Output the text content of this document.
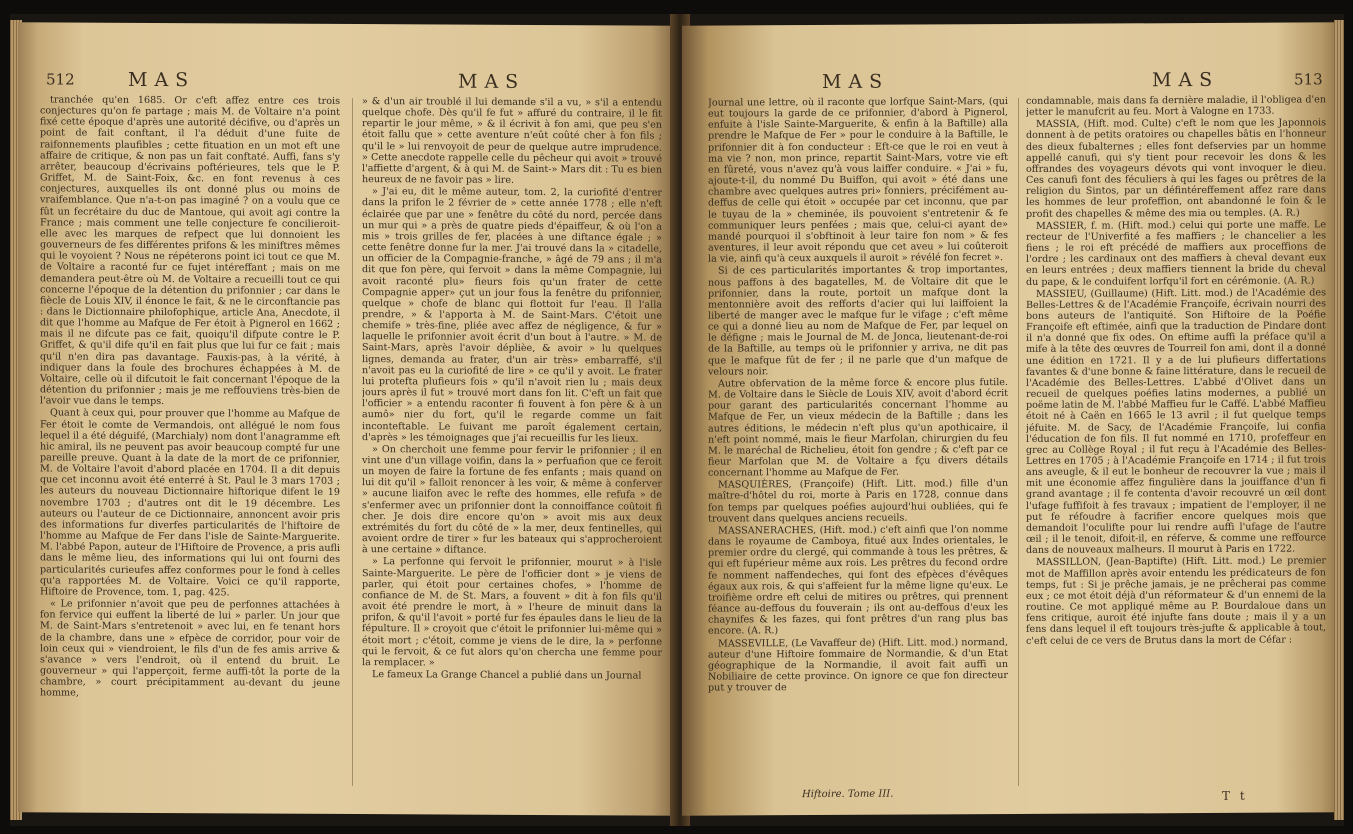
512	MAS	MAS

tranchée qu'en 1685. Or c'eft affez entre ces trois conjectures qu'on fe partage ; mais M. de Voltaire n'a point fixé cette époque d'après une autorité décifive, ou d'après un point de fait conftant, il l'a déduit d'une fuite de raifonnements plaufibles ; cette fituation en un mot eft une affaire de critique, & non pas un fait conftaté. Auffi, fans s'y arrêter, beaucoup d'écrivains poftérieures, tels que le P. Griffet, M. de Saint-Foix, &c. en font revenus à ces conjectures, auxquelles ils ont donné plus ou moins de vraifemblance. Que n'a-t-on pas imaginé ? on a voulu que ce fût un fecrétaire du duc de Mantoue, qui avoit agi contre la France ; mais comment une telle conjecture fe concilieroit-elle avec les marques de refpect que lui donnoient les gouverneurs de fes différentes prifons & les miniftres mêmes qui le voyoient ? Nous ne répéterons point ici tout ce que M. de Voltaire a raconté fur ce fujet intéreffant ; mais on me demandera peut-être où M. de Voltaire a recueilli tout ce qui concerne l'époque de la détention du prifonnier ; car dans le fiècle de Louis XIV, il énonce le fait, & ne le circonftancie pas : dans le Dictionnaire philofophique, article Ana, Anecdote, il dit que l'homme au Mafque de Fer étoit à Pignerol en 1662 ; mais il ne difcute pas ce fait, quoiqu'il difpute contre le P. Griffet, & qu'il dife qu'il en fait plus que lui fur ce fait ; mais qu'il n'en dira pas davantage. Fauxis-pas, à la vérité, à indiquer dans la foule des brochures échappées à M. de Voltaire, celle où il difcutoit le fait concernant l'époque de la détention du prifonnier ; mais je me reffouviens très-bien de l'avoir vue dans le temps.

Quant à ceux qui, pour prouver que l'homme au Mafque de Fer étoit le comte de Vermandois, ont allégué le nom fous lequel il a été déguifé, (Marchialy) nom dont l'anagramme eft hic amiral, ils ne peuvent pas avoir beaucoup compté fur une pareille preuve. Quant à la date de la mort de ce prifonnier, M. de Voltaire l'avoit d'abord placée en 1704. Il a dit depuis que cet inconnu avoit été enterré à St. Paul le 3 mars 1703 ; les auteurs du nouveau Dictionnaire hiftorique difent le 19 novembre 1703 ; d'autres ont dit le 19 décembre. Les auteurs ou l'auteur de ce Dictionnaire, annoncent avoir pris des informations fur diverfes particularités de l'hiftoire de l'homme au Mafque de Fer dans l'isle de Sainte-Marguerite. M. l'abbé Papon, auteur de l'Hiftoire de Provence, a pris aufli dans le même lieu, des informations qui lui ont fourni des particularités curieufes affez conformes pour le fond à celles qu'a rapportées M. de Voltaire. Voici ce qu'il rapporte, Hiftoire de Provence, tom. 1, pag. 425.

« Le prifonnier n'avoit que peu de perfonnes attachées à fon fervice qui euffent la liberté de lui » parler. Un jour que M. de Saint-Mars s'entretenoit » avec lui, en fe tenant hors de la chambre, dans une » efpèce de corridor, pour voir de loin ceux qui » viendroient, le fils d'un de fes amis arrive & s'avance » vers l'endroit, où il entend du bruit. Le gouverneur » qui l'apperçoit, ferme auffi-tôt la porte de la chambre, » court précipitamment au-devant du jeune homme,

» & d'un air troublé il lui demande s'il a vu, » s'il a entendu quelque chofe. Dès qu'il fe fut » affuré du contraire, il le fit repartir le jour même, » & il écrivit à fon ami, que peu s'en étoit fallu que » cette aventure n'eût coûté cher à fon fils ; qu'il le » lui renvoyoit de peur de quelque autre imprudence. » Cette anecdote rappelle celle du pêcheur qui avoit » trouvé l'affiette d'argent, & à qui M. de Saint-» Mars dit : Tu es bien heureux de ne favoir pas » lire.

» J'ai eu, dit le même auteur, tom. 2, la curiofité d'entrer dans la prifon le 2 février de » cette année 1778 ; elle n'eft éclairée que par une » fenêtre du côté du nord, percée dans un mur qui » a près de quatre pieds d'épaiffeur, & où l'on a mis » trois grilles de fer, placées à une diftance égale ; » cette fenêtre donne fur la mer. J'ai trouvé dans la » citadelle, un officier de la Compagnie-franche, » âgé de 79 ans ; il m'a dit que fon père, qui fervoit » dans la même Compagnie, lui avoit raconté plu» fieurs fois qu'un frater de cette Compagnie apper» çut un jour fous la fenêtre du prifonnier, quelque » chofe de blanc qui flottoit fur l'eau. Il l'alla prendre, » & l'apporta à M. de Saint-Mars. C'étoit une chemife » très-fine, pliée avec affez de négligence, & fur » laquelle le prifonnier avoit écrit d'un bout à l'autre. » M. de Saint-Mars, après l'avoir déplièe, & avoir » lu quelques lignes, demanda au frater, d'un air très» embarraffé, s'il n'avoit pas eu la curiofité de lire » ce qu'il y avoit. Le frater lui protefta plufieurs fois » qu'il n'avoit rien lu ; mais deux jours après il fut » trouvé mort dans fon lit. C'eft un fait que l'officier » a entendu raconter fi fouvent à fon père & à un aumô» nier du fort, qu'il le regarde comme un fait inconteftable. Le fuivant me paroît également certain, d'après » les témoignages que j'ai recueillis fur les lieux.

» On cherchoit une femme pour fervir le prifonnier ; il en vint une d'un village voifin, dans la » perfuafion que ce feroit un moyen de faire la fortune de fes enfants ; mais quand on lui dit qu'il » falloit renoncer à les voir, & même à conferver » aucune liaifon avec le refte des hommes, elle refufa » de s'enfermer avec un prifonnier dont la connoiffance coûtoit fi cher. Je dois dire encore qu'on » avoit mis aux deux extrémités du fort du côté de » la mer, deux fentinelles, qui avoient ordre de tirer » fur les bateaux qui s'approcheroient à une certaine » diftance.

» La perfonne qui fervoit le prifonnier, mourut » à l'isle Sainte-Marguerite. Le père de l'officier dont » je viens de parler, qui étoit pour certaines chofes, » l'homme de confiance de M. de St. Mars, a fouvent » dit à fon fils qu'il avoit été prendre le mort, à » l'heure de minuit dans la prifon, & qu'il l'avoit » porté fur fes épaules dans le lieu de la fépulture. Il » croyoit que c'étoit le prifonnier lui-même qui » étoit mort ; c'étoit, comme je viens de le dire, la » perfonne qui le fervoit, & ce fut alors qu'on chercha une femme pour la remplacer. »

Le fameux La Grange Chancel a publié dans un Journal

MAS	MAS	513

Journal une lettre, où il raconte que lorfque Saint-Mars, (qui eut toujours la garde de ce prifonnier, d'abord à Pignerol, enfuite à l'isle Sainte-Marguerite, & enfin à la Baftille) alla prendre le Mafque de Fer » pour le conduire à la Baftille, le prifonnier dit à fon conducteur : Eft-ce que le roi en veut à ma vie ? non, mon prince, repartit Saint-Mars, votre vie eft en fûreté, vous n'avez qu'à vous laiffer conduire. « J'ai » fu, ajoute-t-il, du nommé Du Buiffon, qui avoit » été dans une chambre avec quelques autres pri» fonniers, précifément au-deffus de celle qui étoit » occupée par cet inconnu, que par le tuyau de la » cheminée, ils pouvoient s'entretenir & fe communiquer leurs penfées ; mais que, celui-ci ayant de» mandé pourquoi il s'obftinoit à leur taire fon nom » & fes aventures, il leur avoit répondu que cet aveu » lui coûteroit la vie, ainfi qu'à ceux auxquels il auroit » révélé fon fecret ».

Si de ces particularités importantes & trop importantes, nous paffons à des bagatelles, M. de Voltaire dit que le prifonnier, dans la route, portoit un mafque dont la mentonnière avoit des refforts d'acier qui lui laiffoient la liberté de manger avec le mafque fur le vifage ; c'eft même ce qui a donné lieu au nom de Mafque de Fer, par lequel on le défigne ; mais le Journal de M. de Jonca, lieutenant-de-roi de la Baftille, au temps où le prifonnier y arriva, ne dit pas que le mafque fût de fer ; il ne parle que d'un mafque de velours noir.

Autre obfervation de la même force & encore plus futile. M. de Voltaire dans le Siècle de Louis XIV, avoit d'abord écrit pour garant des particularités concernant l'homme au Mafque de Fer, un vieux médecin de la Baftille ; dans les autres éditions, le médecin n'eft plus qu'un apothicaire, il n'eft point nommé, mais le fieur Marfolan, chirurgien du feu M. le maréchal de Richelieu, étoit fon gendre ; & c'eft par ce fieur Marfolan que M. de Voltaire a fçu divers détails concernant l'homme au Mafque de Fer.

MASQUIÈRES, (Françoife) (Hift. Litt. mod.) fille d'un maître-d'hôtel du roi, morte à Paris en 1728, connue dans fon temps par quelques poéfies aujourd'hui oubliées, qui fe trouvent dans quelques anciens recueils.

MASSANERACHES, (Hift. mod.) c'eft ainfi que l'on nomme dans le royaume de Camboya, fitué aux Indes orientales, le premier ordre du clergé, qui commande à tous les prêtres, & qui eft fupérieur même aux rois. Les prêtres du fecond ordre fe nomment naffendeches, qui font des efpèces d'évêques égaux aux rois, & qui s'affeient fur la même ligne qu'eux. Le troifième ordre eft celui de mitires ou prêtres, qui prennent féance au-deffous du fouverain ; ils ont au-deffous d'eux les chaynifes & les fazes, qui font prêtres d'un rang plus bas encore. (A. R.)

MASSEVILLE, (Le Vavaffeur de) (Hift. Litt. mod.) normand, auteur d'une Hiftoire fommaire de Normandie, & d'un Etat géographique de la Normandie, il avoit fait auffi un Nobiliaire de cette province. On ignore ce que fon directeur put y trouver de

condamnable, mais dans fa dernière maladie, il l'obligea d'en jetter le manufcrit au feu. Mort à Valogne en 1733.

MASSIA, (Hift. mod. Culte) c'eft le nom que les Japonnois donnent à de petits oratoires ou chapelles bâtis en l'honneur des dieux fubalternes ; elles font defservies par un homme appellé canufi, qui s'y tient pour recevoir les dons & les offrandes des voyageurs dévots qui vont invoquer le dieu. Ces canufi font des féculiers à qui les fages ou prêtres de la religion du Sintos, par un défintéreffement affez rare dans les hommes de leur profeffion, ont abandonné le foin & le profit des chapelles & même des mia ou temples. (A. R.)

MASSIER, f. m. (Hift. mod.) celui qui porte une maffe. Le recteur de l'Univerfité a fes maffiers ; le chancelier a les fiens ; le roi eft précédé de maffiers aux proceffions de l'ordre ; les cardinaux ont des maffiers à cheval devant eux en leurs entrées ; deux maffiers tiennent la bride du cheval du pape, & le conduifent lorfqu'il fort en cérémonie. (A. R.)

MASSIEU, (Guillaume) (Hift. Litt. mod.) de l'Académie des Belles-Lettres & de l'Académie Françoife, écrivain nourri des bons auteurs de l'antiquité. Son Hiftoire de la Poéfie Françoife eft eftimée, ainfi que la traduction de Pindare dont il n'a donné que fix odes. On eftime auffi la préface qu'il a mife à la tête des œuvres de Tourreil fon ami, dont il a donné une édition en 1721. Il y a de lui plufieurs differtations favantes & d'une bonne & faine littérature, dans le recueil de l'Académie des Belles-Lettres. L'abbé d'Olivet dans un recueil de quelques poéfies latins modernes, a publié un poëme latin de M. l'abbé Maffieu fur le Caffé. L'abbé Maffieu étoit né à Caën en 1665 le 13 avril ; il fut quelque temps jéfuite. M. de Sacy, de l'Académie Françoife, lui confia l'éducation de fon fils. Il fut nommé en 1710, profeffeur en grec au Collège Royal ; il fut reçu à l'Académie des Belles-Lettres en 1705 ; à l'Académie Françoife en 1714 ; il fut trois ans aveugle, & il eut le bonheur de recouvrer la vue ; mais il mit une économie affez fingulière dans la jouiffance d'un fi grand avantage ; il fe contenta d'avoir recouvré un œil dont l'ufage fuffifoit à fes travaux ; impatient de l'employer, il ne put fe réfoudre à facrifier encore quelques mois que demandoit l'oculifte pour lui rendre auffi l'ufage de l'autre œil ; il le tenoit, difoit-il, en réferve, & comme une reffource dans de nouveaux malheurs. Il mourut à Paris en 1722.

MASSILLON, (Jean-Baptifte) (Hift. Litt. mod.) Le premier mot de Maffillon après avoir entendu les prédicateurs de fon temps, fut : Si je prêche jamais, je ne prêcherai pas comme eux ; ce mot étoit déjà d'un réformateur & d'un ennemi de la routine. Ce mot appliqué même au P. Bourdaloue dans un fens critique, auroit été injufte fans doute ; mais il y a un fens dans lequel il eft toujours très-jufte & applicable à tout, c'eft celui de ce vers de Brutus dans la mort de Céfar :

Hiftoire. Tome III.	T t
